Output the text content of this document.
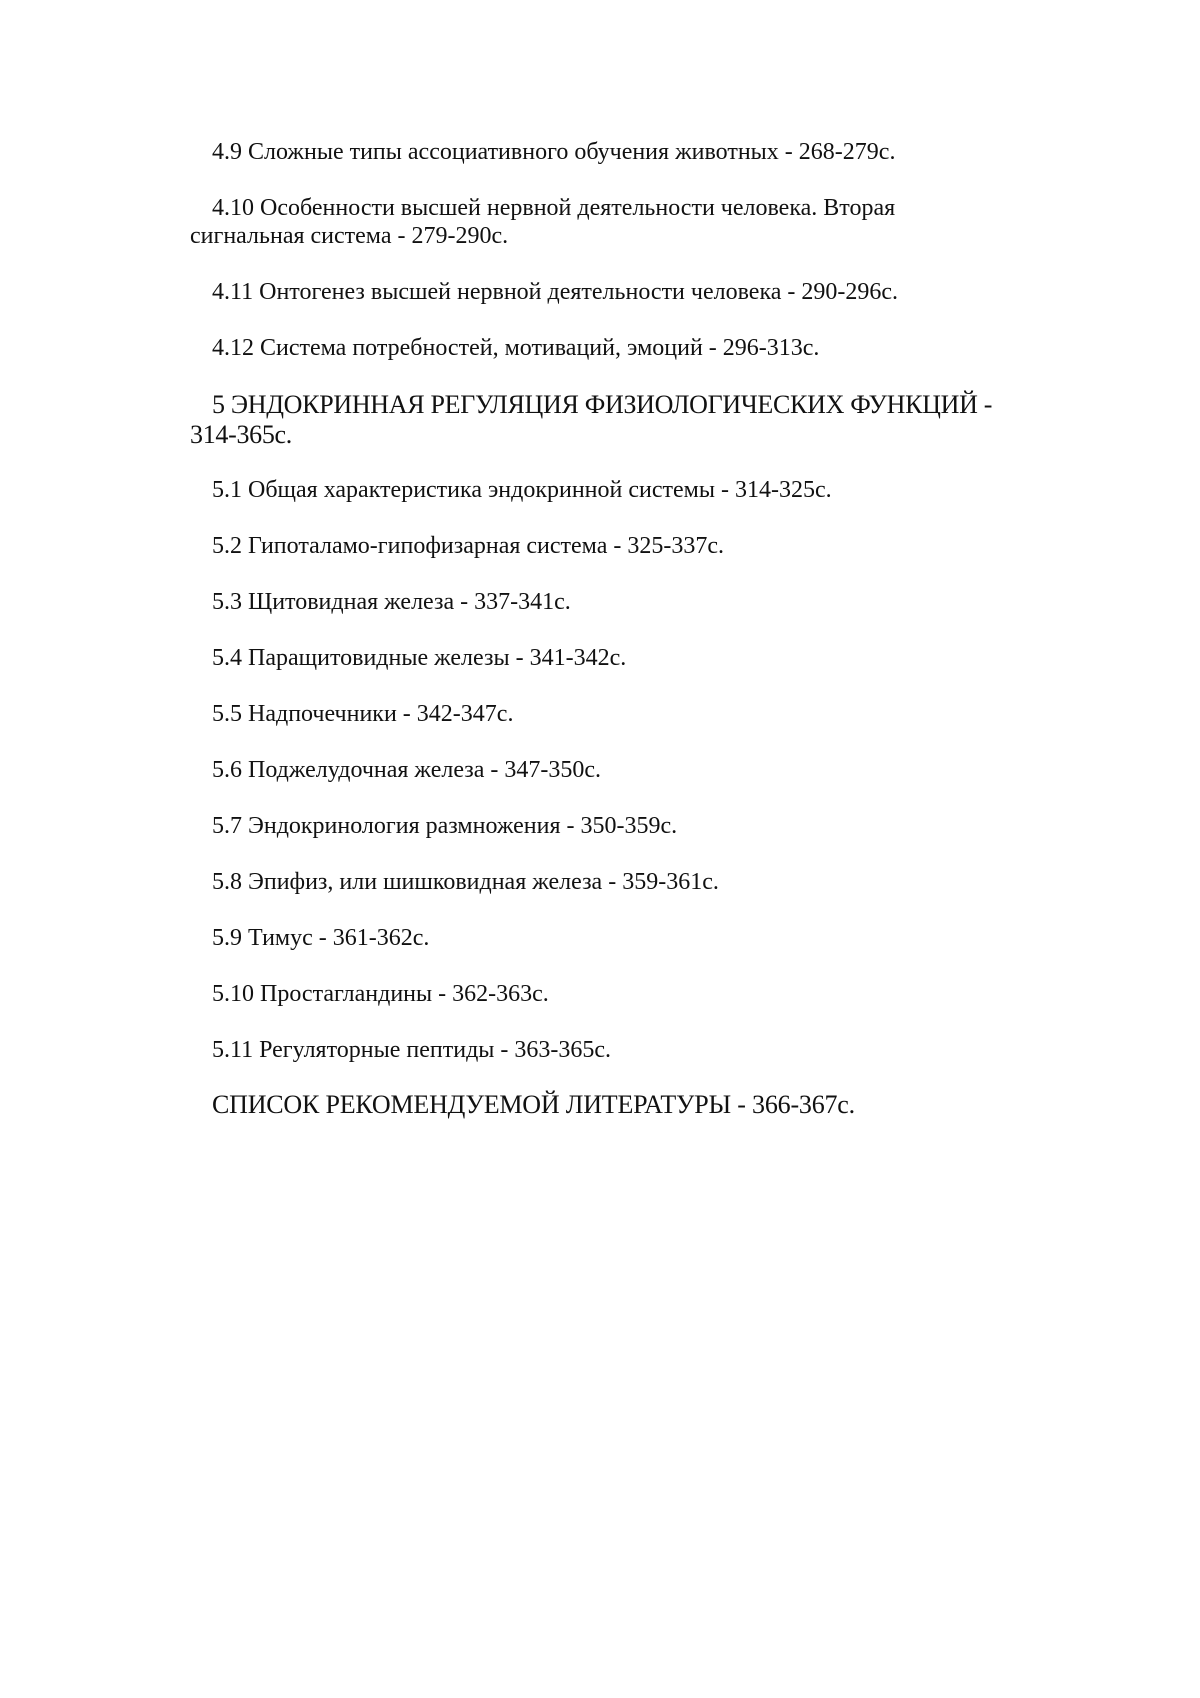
4.9 Сложные типы ассоциативного обучения животных - 268-279с.
4.10 Особенности высшей нервной деятельности человека. Вторая сигнальная система - 279-290с.
4.11 Онтогенез высшей нервной деятельности человека - 290-296с.
4.12 Система потребностей, мотиваций, эмоций - 296-313с.
5 ЭНДОКРИННАЯ РЕГУЛЯЦИЯ ФИЗИОЛОГИЧЕСКИХ ФУНКЦИЙ - 314-365с.
5.1 Общая характеристика эндокринной системы - 314-325с.
5.2 Гипоталамо-гипофизарная система - 325-337с.
5.3 Щитовидная железа - 337-341с.
5.4 Паращитовидные железы - 341-342с.
5.5 Надпочечники - 342-347с.
5.6 Поджелудочная железа - 347-350с.
5.7 Эндокринология размножения - 350-359с.
5.8 Эпифиз, или шишковидная железа - 359-361с.
5.9 Тимус - 361-362с.
5.10 Простагландины - 362-363с.
5.11 Регуляторные пептиды - 363-365с.
СПИСОК РЕКОМЕНДУЕМОЙ ЛИТЕРАТУРЫ - 366-367с.
